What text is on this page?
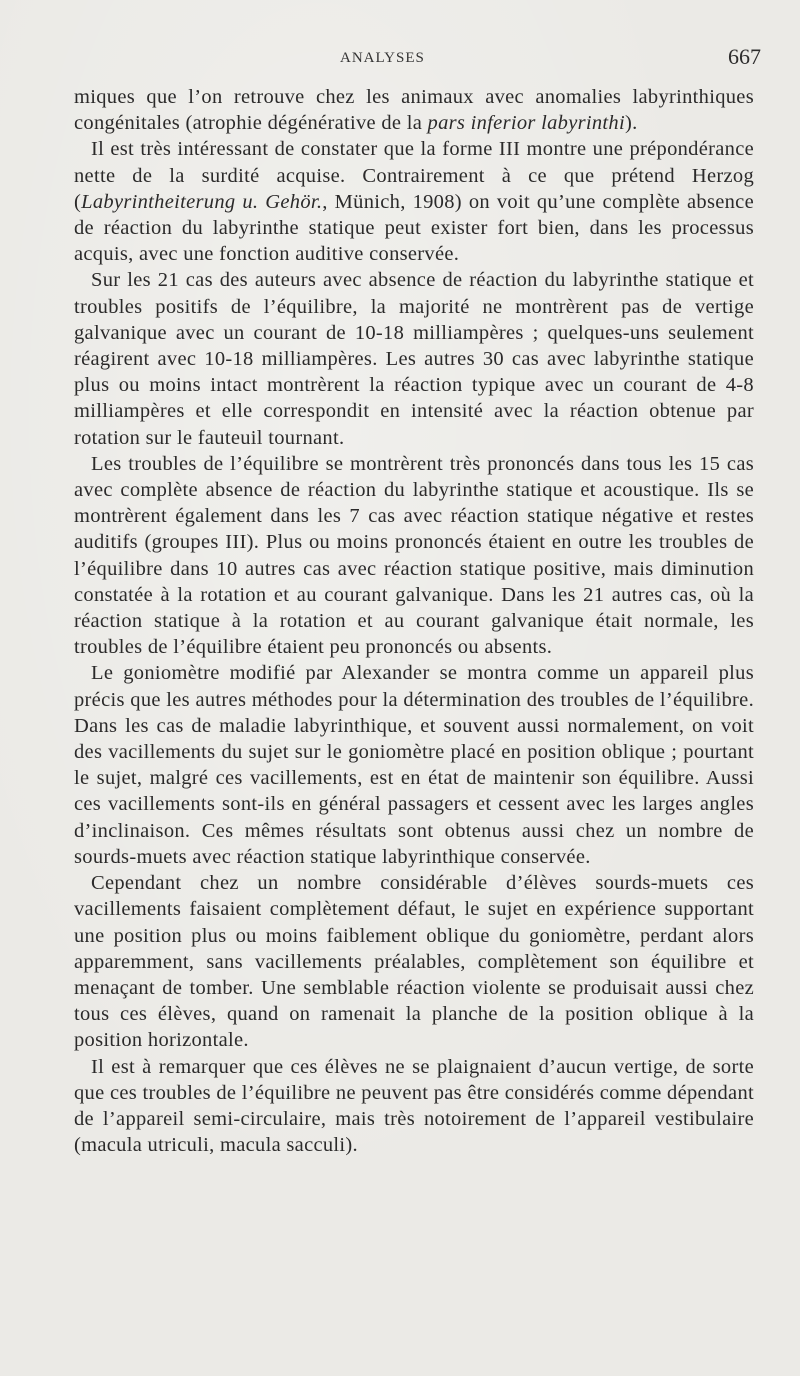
ANALYSES	667

miques que l’on retrouve chez les animaux avec anomalies labyrinthiques congénitales (atrophie dégénérative de la pars inferior labyrinthi).

Il est très intéressant de constater que la forme III montre une prépondérance nette de la surdité acquise. Contrairement à ce que prétend Herzog (Labyrintheiterung u. Gehör., Münich, 1908) on voit qu’une complète absence de réaction du labyrinthe statique peut exister fort bien, dans les processus acquis, avec une fonction auditive conservée.

Sur les 21 cas des auteurs avec absence de réaction du labyrinthe statique et troubles positifs de l’équilibre, la majorité ne montrèrent pas de vertige galvanique avec un courant de 10-18 milliampères ; quelques-uns seulement réagirent avec 10-18 milliampères. Les autres 30 cas avec labyrinthe statique plus ou moins intact montrèrent la réaction typique avec un courant de 4-8 milliampères et elle correspondit en intensité avec la réaction obtenue par rotation sur le fauteuil tournant.

Les troubles de l’équilibre se montrèrent très prononcés dans tous les 15 cas avec complète absence de réaction du labyrinthe statique et acoustique. Ils se montrèrent également dans les 7 cas avec réaction statique négative et restes auditifs (groupes III). Plus ou moins prononcés étaient en outre les troubles de l’équilibre dans 10 autres cas avec réaction statique positive, mais diminution constatée à la rotation et au courant galvanique. Dans les 21 autres cas, où la réaction statique à la rotation et au courant galvanique était normale, les troubles de l’équilibre étaient peu prononcés ou absents.

Le goniomètre modifié par Alexander se montra comme un appareil plus précis que les autres méthodes pour la détermination des troubles de l’équilibre. Dans les cas de maladie labyrinthique, et souvent aussi normalement, on voit des vacillements du sujet sur le goniomètre placé en position oblique ; pourtant le sujet, malgré ces vacillements, est en état de maintenir son équilibre. Aussi ces vacillements sont-ils en général passagers et cessent avec les larges angles d’inclinaison. Ces mêmes résultats sont obtenus aussi chez un nombre de sourds-muets avec réaction statique labyrinthique conservée.

Cependant chez un nombre considérable d’élèves sourds-muets ces vacillements faisaient complètement défaut, le sujet en expérience supportant une position plus ou moins faiblement oblique du goniomètre, perdant alors apparemment, sans vacillements préalables, complètement son équilibre et menaçant de tomber. Une semblable réaction violente se produisait aussi chez tous ces élèves, quand on ramenait la planche de la position oblique à la position horizontale.

Il est à remarquer que ces élèves ne se plaignaient d’aucun vertige, de sorte que ces troubles de l’équilibre ne peuvent pas être considérés comme dépendant de l’appareil semi-circulaire, mais très notoirement de l’appareil vestibulaire (macula utriculi, macula sacculi).
